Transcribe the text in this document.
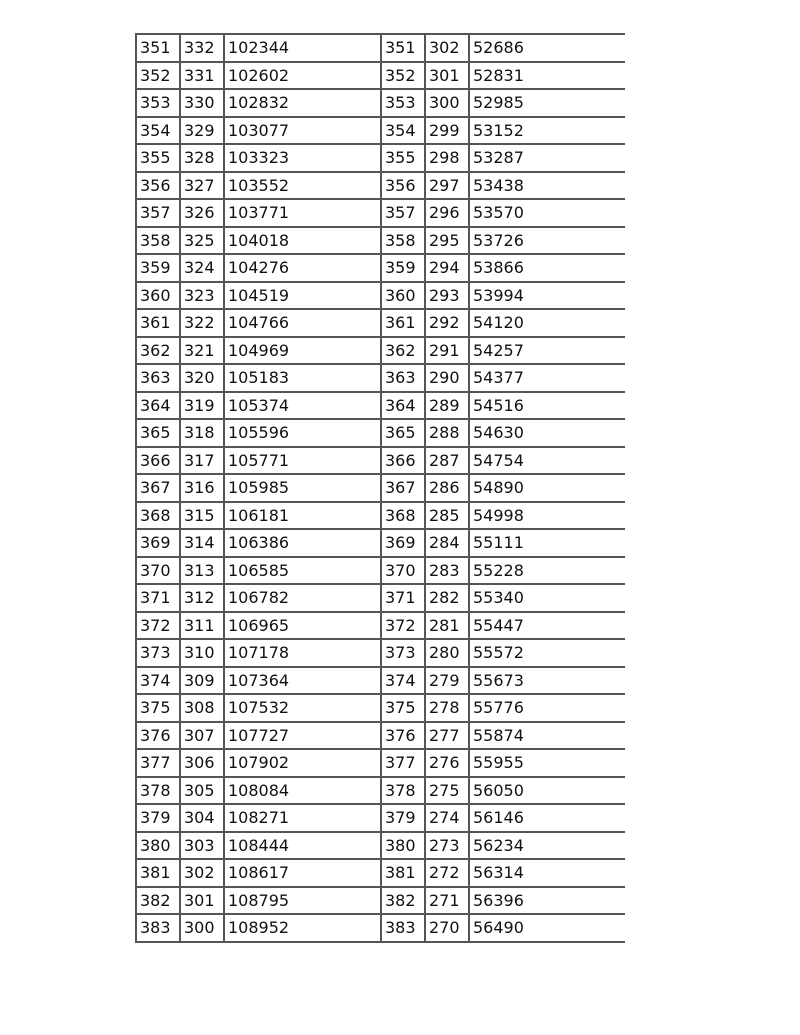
351	332	102344	351	302	52686
352	331	102602	352	301	52831
353	330	102832	353	300	52985
354	329	103077	354	299	53152
355	328	103323	355	298	53287
356	327	103552	356	297	53438
357	326	103771	357	296	53570
358	325	104018	358	295	53726
359	324	104276	359	294	53866
360	323	104519	360	293	53994
361	322	104766	361	292	54120
362	321	104969	362	291	54257
363	320	105183	363	290	54377
364	319	105374	364	289	54516
365	318	105596	365	288	54630
366	317	105771	366	287	54754
367	316	105985	367	286	54890
368	315	106181	368	285	54998
369	314	106386	369	284	55111
370	313	106585	370	283	55228
371	312	106782	371	282	55340
372	311	106965	372	281	55447
373	310	107178	373	280	55572
374	309	107364	374	279	55673
375	308	107532	375	278	55776
376	307	107727	376	277	55874
377	306	107902	377	276	55955
378	305	108084	378	275	56050
379	304	108271	379	274	56146
380	303	108444	380	273	56234
381	302	108617	381	272	56314
382	301	108795	382	271	56396
383	300	108952	383	270	56490
